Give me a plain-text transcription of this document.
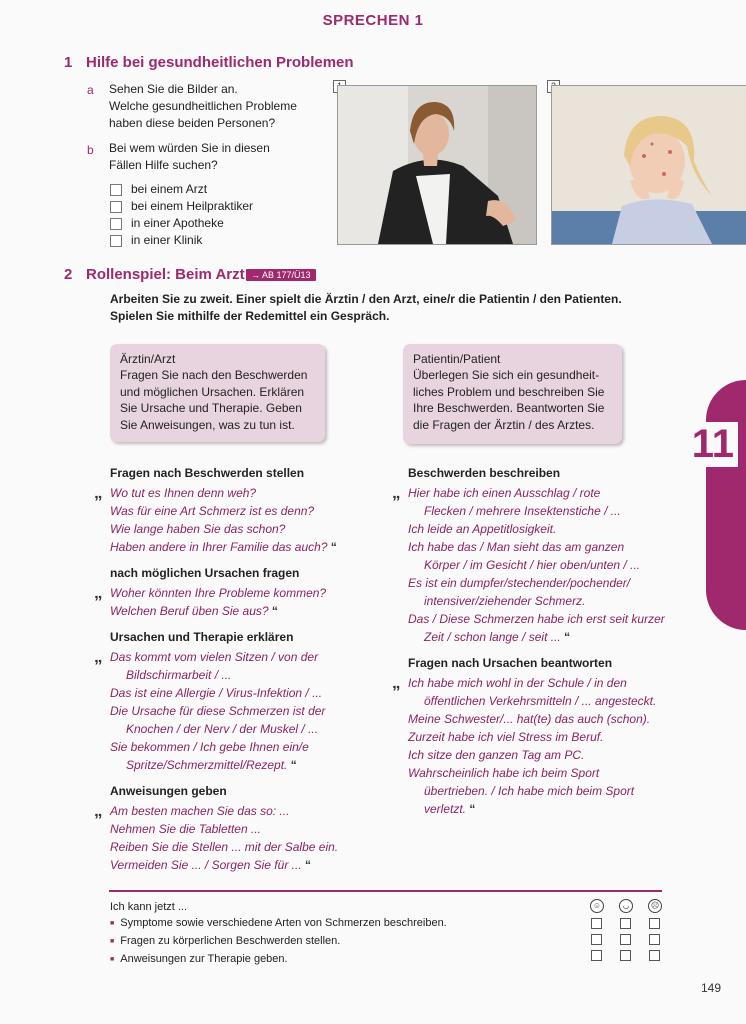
SPRECHEN 1
1 Hilfe bei gesundheitlichen Problemen
a Sehen Sie die Bilder an.
Welche gesundheitlichen Probleme
haben diese beiden Personen?
b Bei wem würden Sie in diesen
Fällen Hilfe suchen?
bei einem Arzt
bei einem Heilpraktiker
in einer Apotheke
in einer Klinik
2 Rollenspiel: Beim Arzt → AB 177/Ü13
Arbeiten Sie zu zweit. Einer spielt die Ärztin / den Arzt, eine/r die Patientin / den Patienten.
Spielen Sie mithilfe der Redemittel ein Gespräch.
Ärztin/Arzt

Fragen Sie nach den Beschwerden

und möglichen Ursachen. Erklären

Sie Ursache und Therapie. Geben

Sie Anweisungen, was zu tun ist.

Patientin/Patient

Überlegen Sie sich ein gesundheit-

liches Problem und beschreiben Sie

Ihre Beschwerden. Beantworten Sie

die Fragen der Ärztin / des Arztes.	11
Fragen nach Beschwerden stellen
„ Wo tut es Ihnen denn weh?
Was für eine Art Schmerz ist es denn?
Wie lange haben Sie das schon?
Haben andere in Ihrer Familie das auch? “
nach möglichen Ursachen fragen
„ Woher könnten Ihre Probleme kommen?
Welchen Beruf üben Sie aus? “
Ursachen und Therapie erklären
„ Das kommt vom vielen Sitzen / von der
Bildschirmarbeit / ...
Das ist eine Allergie / Virus-Infektion / ...
Die Ursache für diese Schmerzen ist der
Knochen / der Nerv / der Muskel / ...
Sie bekommen / Ich gebe Ihnen ein/e
Spritze/Schmerzmittel/Rezept. “
Anweisungen geben
„ Am besten machen Sie das so: ...
Nehmen Sie die Tabletten ...
Reiben Sie die Stellen ... mit der Salbe ein.
Vermeiden Sie ... / Sorgen Sie für ... “
Beschwerden beschreiben
„ Hier habe ich einen Ausschlag / rote
Flecken / mehrere Insektenstiche / ...
Ich leide an Appetitlosigkeit.
Ich habe das / Man sieht das am ganzen
Körper / im Gesicht / hier oben/unten / ...
Es ist ein dumpfer/stechender/pochender/
intensiver/ziehender Schmerz.
Das / Diese Schmerzen habe ich erst seit kurzer
Zeit / schon lange / seit ... “
Fragen nach Ursachen beantworten
„ Ich habe mich wohl in der Schule / in den
öffentlichen Verkehrsmitteln / ... angesteckt.
Meine Schwester/... hat(te) das auch (schon).
Zurzeit habe ich viel Stress im Beruf.
Ich sitze den ganzen Tag am PC.
Wahrscheinlich habe ich beim Sport
übertrieben. / Ich habe mich beim Sport
verletzt. “
Ich kann jetzt ...
■ Symptome sowie verschiedene Arten von Schmerzen beschreiben.
■ Fragen zu körperlichen Beschwerden stellen.
■ Anweisungen zur Therapie geben.
☺	◡	☹
149
